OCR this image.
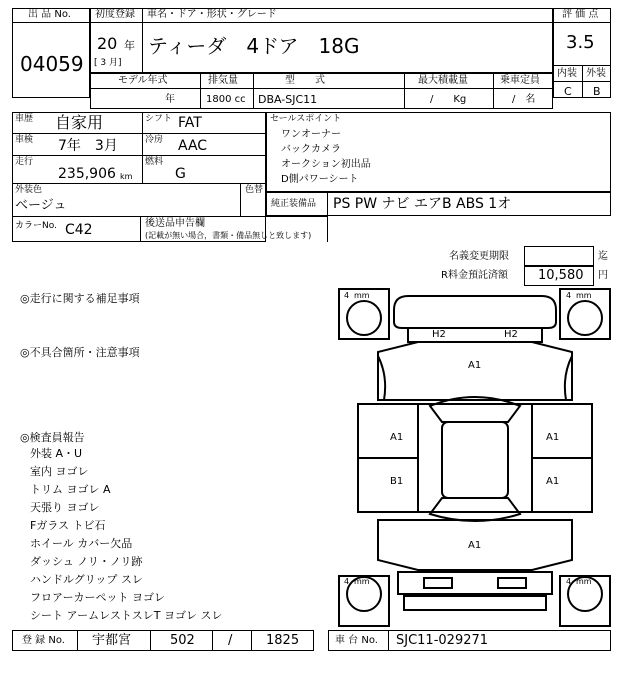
出 品 No.
04059
初度登録 車名・ドア・形状・グレード
20 年
[ 3 月]
ティーダ　4ドア　18G
評 価 点
3.5
内装 外装
C B
モデル年式	排気量	型　　式	最大積載量	乗車定員
年	1800 cc DBA-SJC11	/　　Kg	/　名
車歴 自家用	シフト FAT
車検 7年　3月	冷房 AAC
走行
235,906 km
燃料
G
外装色
ベージュ
色替
カラーNo. C42	後送品申告欄
(記載が無い場合，書類・備品無しと致します)
セールスポイント
ワンオーナー
バックカメラ
オークション初出品
D側パワーシート
純正装備品 PS PW ナビ エアB ABS 1オ
名義変更期限	迄
R料金預託済額 10,580 円
◎走行に関する補足事項
◎不具合箇所・注意事項
◎検査員報告
外装 A・U
室内 ヨゴレ
トリム ヨゴレ A
天張り ヨゴレ
Fガラス トビ石
ホイール カバー欠品
ダッシュ ノリ・ノリ跡
ハンドルグリップ スレ
フロアーカーペット ヨゴレ
シート アームレストスレT ヨゴレ スレ
H2	H2
A1
A1	A1
B1	A1
A1
4 mm	4 mm
4 mm	4 mm
登 録 No. 宇都宮	502	/	1825	車 台 No. SJC11-029271
